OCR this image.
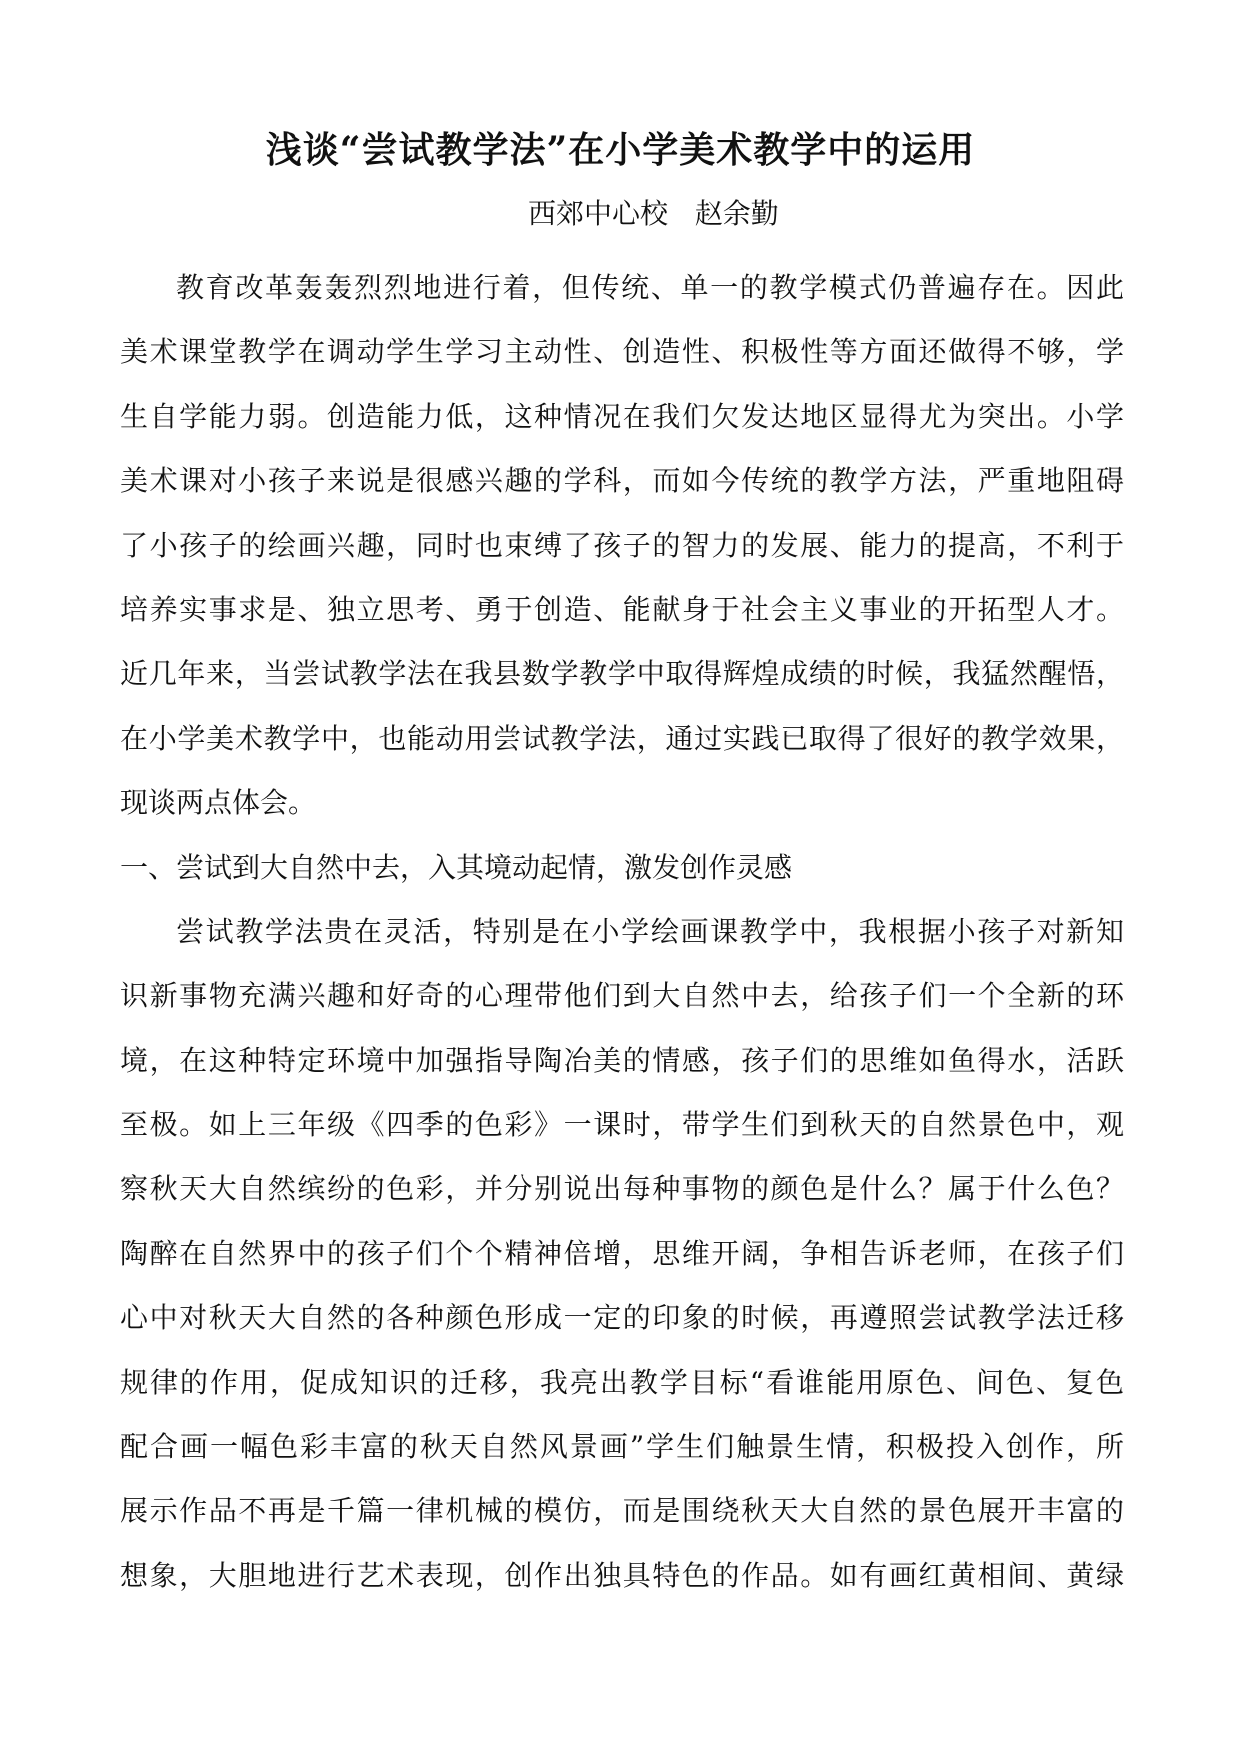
浅谈“尝试教学法”在小学美术教学中的运用
西郊中心校   赵余勤
教育改革轰轰烈烈地进行着，但传统、单一的教学模式仍普遍存在。因此
美术课堂教学在调动学生学习主动性、创造性、积极性等方面还做得不够，学
生自学能力弱。创造能力低，这种情况在我们欠发达地区显得尤为突出。小学
美术课对小孩子来说是很感兴趣的学科，而如今传统的教学方法，严重地阻碍
了小孩子的绘画兴趣，同时也束缚了孩子的智力的发展、能力的提高，不利于
培养实事求是、独立思考、勇于创造、能献身于社会主义事业的开拓型人才。
近几年来，当尝试教学法在我县数学教学中取得辉煌成绩的时候，我猛然醒悟，
在小学美术教学中，也能动用尝试教学法，通过实践已取得了很好的教学效果，
现谈两点体会。
一、尝试到大自然中去，入其境动起情，激发创作灵感
尝试教学法贵在灵活，特别是在小学绘画课教学中，我根据小孩子对新知
识新事物充满兴趣和好奇的心理带他们到大自然中去，给孩子们一个全新的环
境，在这种特定环境中加强指导陶冶美的情感，孩子们的思维如鱼得水，活跃
至极。如上三年级《四季的色彩》一课时，带学生们到秋天的自然景色中，观
察秋天大自然缤纷的色彩，并分别说出每种事物的颜色是什么？属于什么色？
陶醉在自然界中的孩子们个个精神倍增，思维开阔，争相告诉老师，在孩子们
心中对秋天大自然的各种颜色形成一定的印象的时候，再遵照尝试教学法迁移
规律的作用，促成知识的迁移，我亮出教学目标“看谁能用原色、间色、复色
配合画一幅色彩丰富的秋天自然风景画”学生们触景生情，积极投入创作，所
展示作品不再是千篇一律机械的模仿，而是围绕秋天大自然的景色展开丰富的
想象，大胆地进行艺术表现，创作出独具特色的作品。如有画红黄相间、黄绿
